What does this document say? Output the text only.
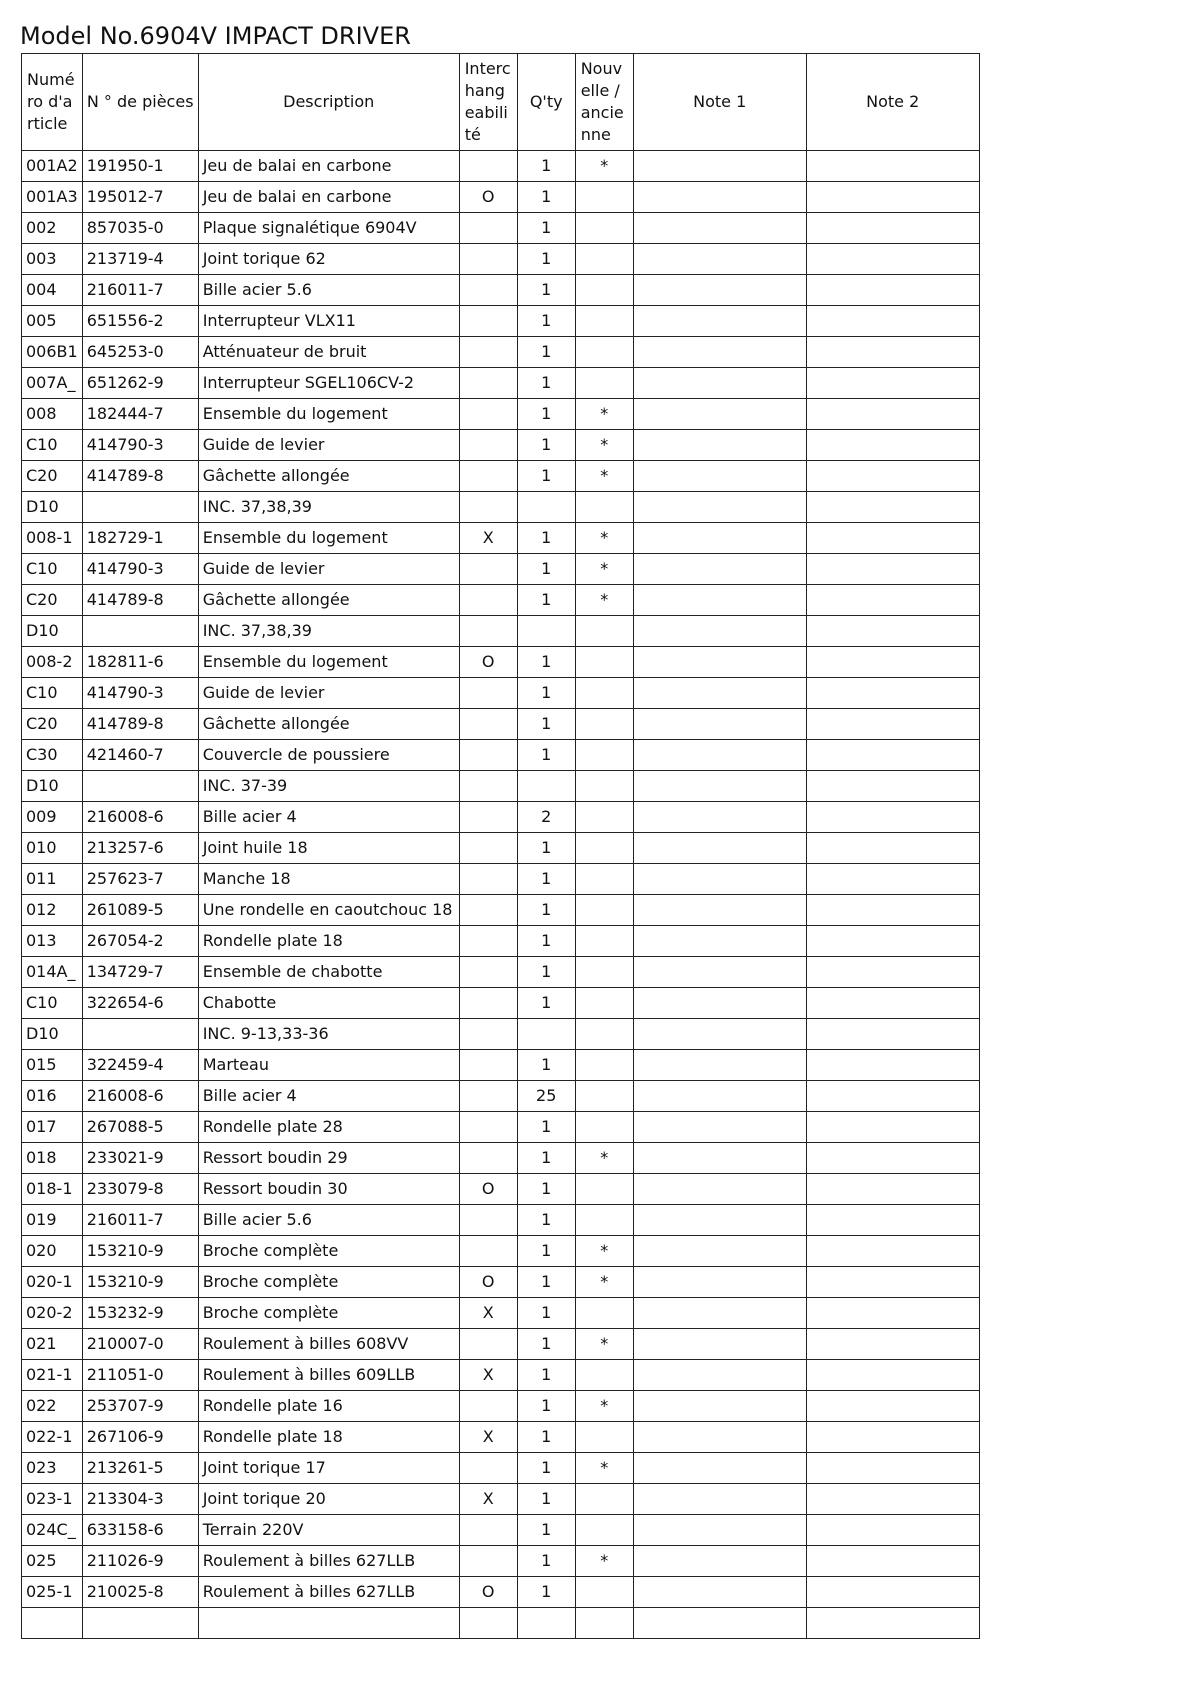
Model No.6904V IMPACT DRIVER
Numéro d'article	N ° de pièces	Description	Interchangeabilité	Q'ty	Nouvelle / ancienne	Note 1	Note 2
001A2	191950-1	Jeu de balai en carbone		1	*		
001A3	195012-7	Jeu de balai en carbone	O	1			
002	857035-0	Plaque signalétique 6904V		1			
003	213719-4	Joint torique 62		1			
004	216011-7	Bille acier 5.6		1			
005	651556-2	Interrupteur VLX11		1			
006B1	645253-0	Atténuateur de bruit		1			
007A_	651262-9	Interrupteur SGEL106CV-2		1			
008	182444-7	Ensemble du logement		1	*		
C10	414790-3	Guide de levier		1	*		
C20	414789-8	Gâchette allongée		1	*		
D10		INC. 37,38,39					
008-1	182729-1	Ensemble du logement	X	1	*		
C10	414790-3	Guide de levier		1	*		
C20	414789-8	Gâchette allongée		1	*		
D10		INC. 37,38,39					
008-2	182811-6	Ensemble du logement	O	1			
C10	414790-3	Guide de levier		1			
C20	414789-8	Gâchette allongée		1			
C30	421460-7	Couvercle de poussiere		1			
D10		INC. 37-39					
009	216008-6	Bille acier 4		2			
010	213257-6	Joint huile 18		1			
011	257623-7	Manche 18		1			
012	261089-5	Une rondelle en caoutchouc 18		1			
013	267054-2	Rondelle plate 18		1			
014A_	134729-7	Ensemble de chabotte		1			
C10	322654-6	Chabotte		1			
D10		INC. 9-13,33-36					
015	322459-4	Marteau		1			
016	216008-6	Bille acier 4		25			
017	267088-5	Rondelle plate 28		1			
018	233021-9	Ressort boudin 29		1	*		
018-1	233079-8	Ressort boudin 30	O	1			
019	216011-7	Bille acier 5.6		1			
020	153210-9	Broche complète		1	*		
020-1	153210-9	Broche complète	O	1	*		
020-2	153232-9	Broche complète	X	1			
021	210007-0	Roulement à billes 608VV		1	*		
021-1	211051-0	Roulement à billes 609LLB	X	1			
022	253707-9	Rondelle plate 16		1	*		
022-1	267106-9	Rondelle plate 18	X	1			
023	213261-5	Joint torique 17		1	*		
023-1	213304-3	Joint torique 20	X	1			
024C_	633158-6	Terrain 220V		1			
025	211026-9	Roulement à billes 627LLB		1	*		
025-1	210025-8	Roulement à billes 627LLB	O	1			
